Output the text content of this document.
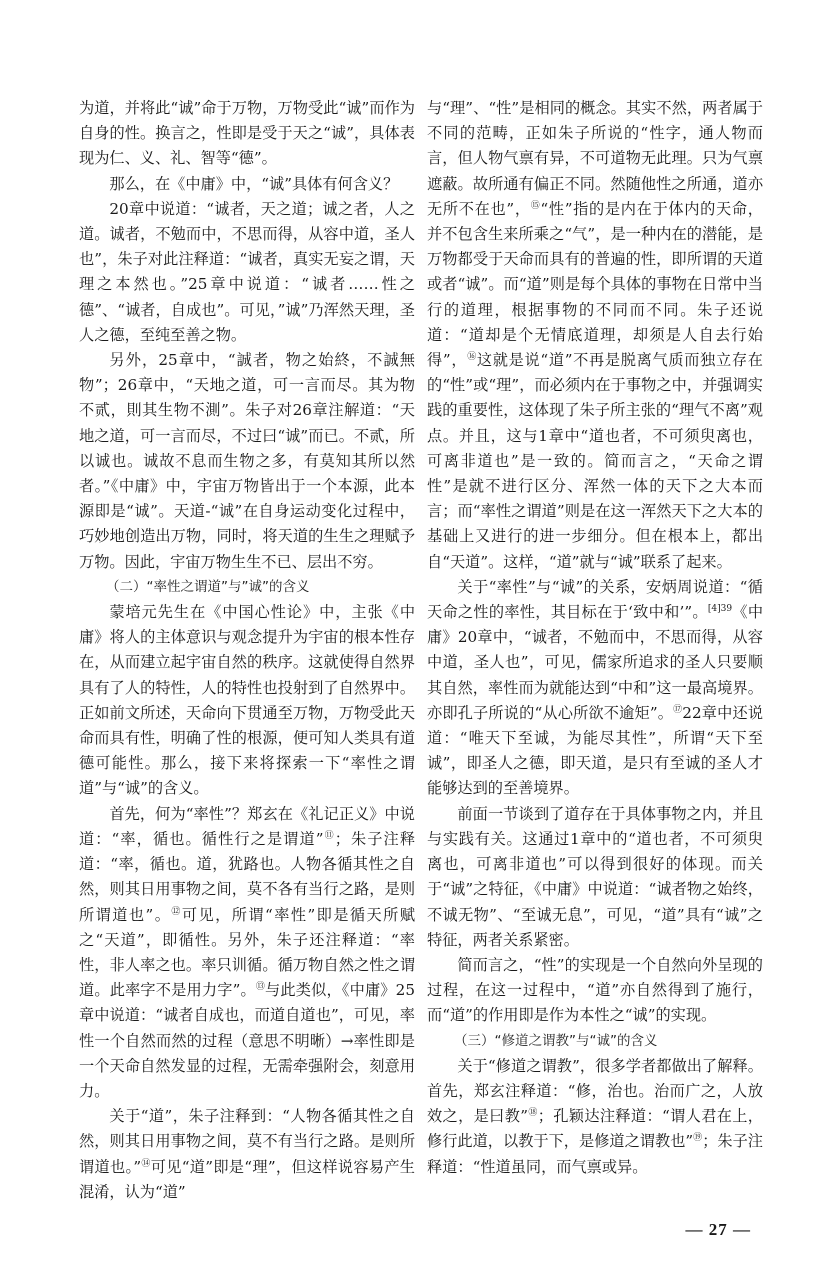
为道，并将此“诚”命于万物，万物受此“诚”而作为自身的性。换言之，性即是受于天之“诚”，具体表现为仁、义、礼、智等“德”。

那么，在《中庸》中，“诚”具体有何含义？

20章中说道：“诚者，天之道；诚之者，人之道。诚者，不勉而中，不思而得，从容中道，圣人也”，朱子对此注释道：“诚者，真实无妄之谓，天理之本然也。”25章中说道：“诚者……性之德”、“诚者，自成也”。可见，”诚”乃浑然天理，圣人之德，至纯至善之物。

另外，25章中，“誠者，物之始終，不誠無物”；26章中，“天地之道，可一言而尽。其为物不贰，則其生物不測”。朱子对26章注解道：“天地之道，可一言而尽，不过曰“诚”而已。不贰，所以诚也。诚故不息而生物之多，有莫知其所以然者。”《中庸》中，宇宙万物皆出于一个本源，此本源即是“诚”。天道-“诚”在自身运动变化过程中，巧妙地创造出万物，同时，将天道的生生之理赋予万物。因此，宇宙万物生生不已、层出不穷。

（二）“率性之谓道”与”诚”的含义

蒙培元先生在《中国心性论》中，主张《中庸》将人的主体意识与观念提升为宇宙的根本性存在，从而建立起宇宙自然的秩序。这就使得自然界具有了人的特性，人的特性也投射到了自然界中。正如前文所述，天命向下贯通至万物，万物受此天命而具有性，明确了性的根源，便可知人类具有道德可能性。那么，接下来将探索一下“率性之谓道”与“诚”的含义。

首先，何为“率性”？郑玄在《礼记正义》中说道：“率，循也。循性行之是谓道”⑪；朱子注释道：“率，循也。道，犹路也。人物各循其性之自然，则其日用事物之间，莫不各有当行之路，是则所谓道也”。⑫可见，所谓“率性”即是循天所赋之“天道”，即循性。另外，朱子还注释道：“率性，非人率之也。率只训循。循万物自然之性之谓道。此率字不是用力字”。⑬与此类似，《中庸》25章中说道：“诚者自成也，而道自道也”，可见，率性一个自然而然的过程（意思不明晰）→率性即是一个天命自然发显的过程，无需牵强附会，刻意用力。

关于“道”，朱子注释到：“人物各循其性之自然，则其日用事物之间，莫不有当行之路。是则所谓道也。”⑭可见“道”即是“理”，但这样说容易产生混淆，认为“道”

与“理”、“性”是相同的概念。其实不然，两者属于不同的范畴，正如朱子所说的“性字，通人物而言，但人物气禀有异，不可道物无此理。只为气禀遮蔽。故所通有偏正不同。然随他性之所通，道亦无所不在也”，⑮“性”指的是内在于体内的天命，并不包含生来所乘之“气”，是一种内在的潜能，是万物都受于天命而具有的普遍的性，即所谓的天道或者“诚”。而“道”则是每个具体的事物在日常中当行的道理，根据事物的不同而不同。朱子还说道：“道却是个无情底道理，却须是人自去行始得”，⑯这就是说“道”不再是脱离气质而独立存在的“性”或“理”，而必须内在于事物之中，并强调实践的重要性，这体现了朱子所主张的“理气不离”观点。并且，这与1章中“道也者，不可须臾离也，可离非道也”是一致的。简而言之，“天命之谓性”是就不进行区分、浑然一体的天下之大本而言；而“率性之谓道”则是在这一浑然天下之大本的基础上又进行的进一步细分。但在根本上，都出自“天道”。这样，“道”就与“诚”联系了起来。

关于“率性”与“诚”的关系，安炳周说道：“循天命之性的率性，其目标在于‘致中和’”。$^{[4]39}$《中庸》20章中，“诚者，不勉而中，不思而得，从容中道，圣人也”，可见，儒家所追求的圣人只要顺其自然，率性而为就能达到“中和”这一最高境界。亦即孔子所说的“从心所欲不逾矩”。⑰22章中还说道：“唯天下至诚，为能尽其性”，所谓“天下至诚”，即圣人之德，即天道，是只有至诚的圣人才能够达到的至善境界。

前面一节谈到了道存在于具体事物之内，并且与实践有关。这通过1章中的“道也者，不可须臾离也，可离非道也”可以得到很好的体现。而关于“诚”之特征，《中庸》中说道：“诚者物之始终，不诚无物”、“至诚无息”，可见，“道”具有“诚”之特征，两者关系紧密。

简而言之，“性”的实现是一个自然向外呈现的过程，在这一过程中，“道”亦自然得到了施行，而“道”的作用即是作为本性之“诚”的实现。

（三）“修道之谓教”与“诚”的含义

关于“修道之谓教”，很多学者都做出了解释。首先，郑玄注释道：“修，治也。治而广之，人放效之，是曰教”⑱；孔颖达注释道：“谓人君在上，修行此道，以教于下，是修道之谓教也”⑲；朱子注释道：“性道虽同，而气禀或异。

— 27 —
